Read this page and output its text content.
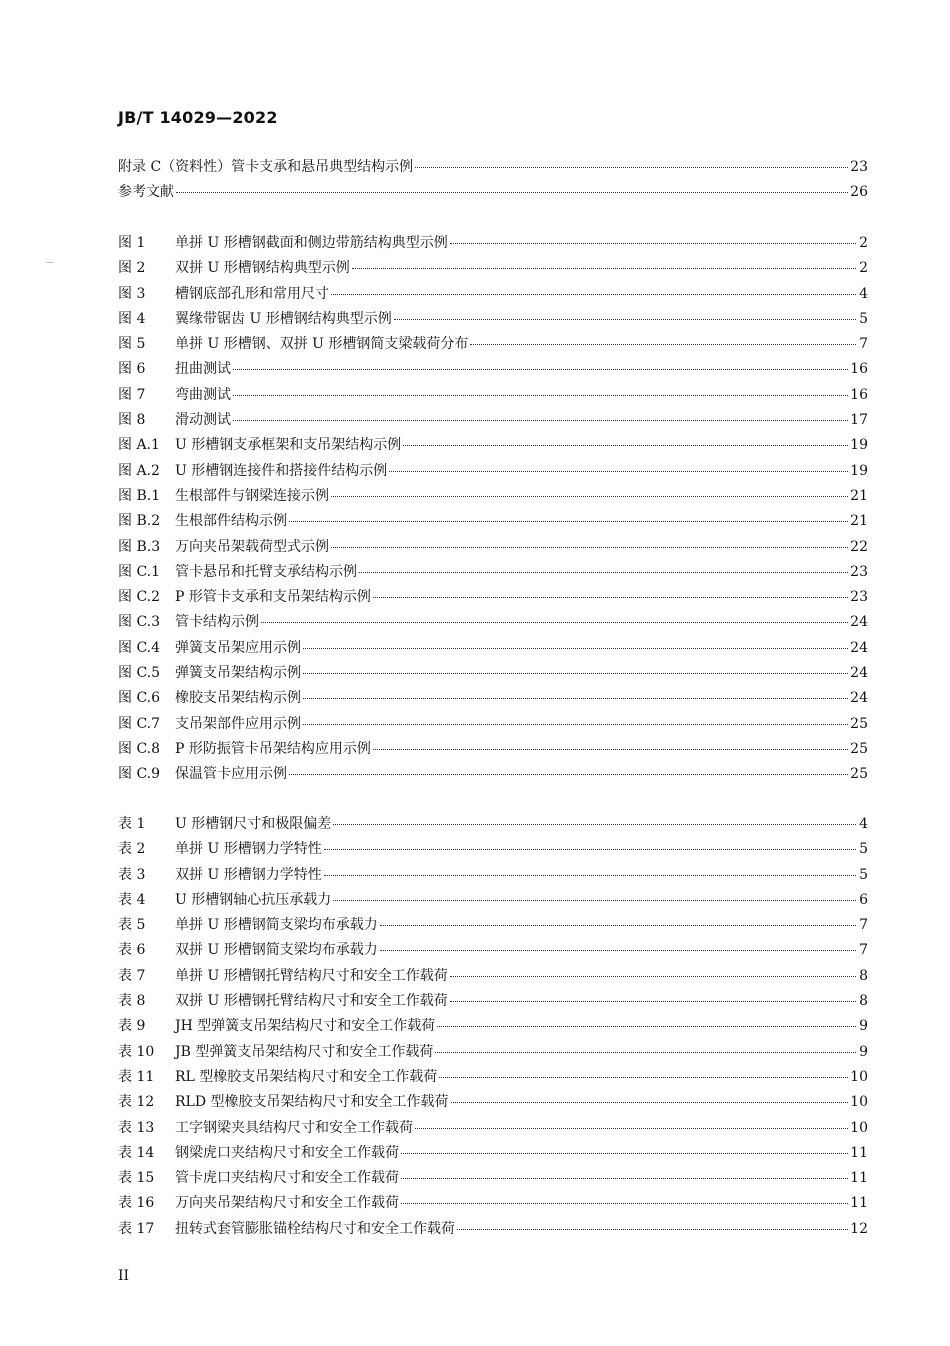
JB/T 14029—2022
附录 C（资料性）管卡支承和悬吊典型结构示例	23
参考文献	26
图 1	单拼 U 形槽钢截面和侧边带筋结构典型示例	2
图 2	双拼 U 形槽钢结构典型示例	2
图 3	槽钢底部孔形和常用尺寸	4
图 4	翼缘带锯齿 U 形槽钢结构典型示例	5
图 5	单拼 U 形槽钢、双拼 U 形槽钢简支梁载荷分布	7
图 6	扭曲测试	16
图 7	弯曲测试	16
图 8	滑动测试	17
图 A.1	U 形槽钢支承框架和支吊架结构示例	19
图 A.2	U 形槽钢连接件和搭接件结构示例	19
图 B.1	生根部件与钢梁连接示例	21
图 B.2	生根部件结构示例	21
图 B.3	万向夹吊架载荷型式示例	22
图 C.1	管卡悬吊和托臂支承结构示例	23
图 C.2	P 形管卡支承和支吊架结构示例	23
图 C.3	管卡结构示例	24
图 C.4	弹簧支吊架应用示例	24
图 C.5	弹簧支吊架结构示例	24
图 C.6	橡胶支吊架结构示例	24
图 C.7	支吊架部件应用示例	25
图 C.8	P 形防振管卡吊架结构应用示例	25
图 C.9	保温管卡应用示例	25
表 1	U 形槽钢尺寸和极限偏差	4
表 2	单拼 U 形槽钢力学特性	5
表 3	双拼 U 形槽钢力学特性	5
表 4	U 形槽钢轴心抗压承载力	6
表 5	单拼 U 形槽钢简支梁均布承载力	7
表 6	双拼 U 形槽钢简支梁均布承载力	7
表 7	单拼 U 形槽钢托臂结构尺寸和安全工作载荷	8
表 8	双拼 U 形槽钢托臂结构尺寸和安全工作载荷	8
表 9	JH 型弹簧支吊架结构尺寸和安全工作载荷	9
表 10	JB 型弹簧支吊架结构尺寸和安全工作载荷	9
表 11	RL 型橡胶支吊架结构尺寸和安全工作载荷	10
表 12	RLD 型橡胶支吊架结构尺寸和安全工作载荷	10
表 13	工字钢梁夹具结构尺寸和安全工作载荷	10
表 14	钢梁虎口夹结构尺寸和安全工作载荷	11
表 15	管卡虎口夹结构尺寸和安全工作载荷	11
表 16	万向夹吊架结构尺寸和安全工作载荷	11
表 17	扭转式套管膨胀锚栓结构尺寸和安全工作载荷	12
II
